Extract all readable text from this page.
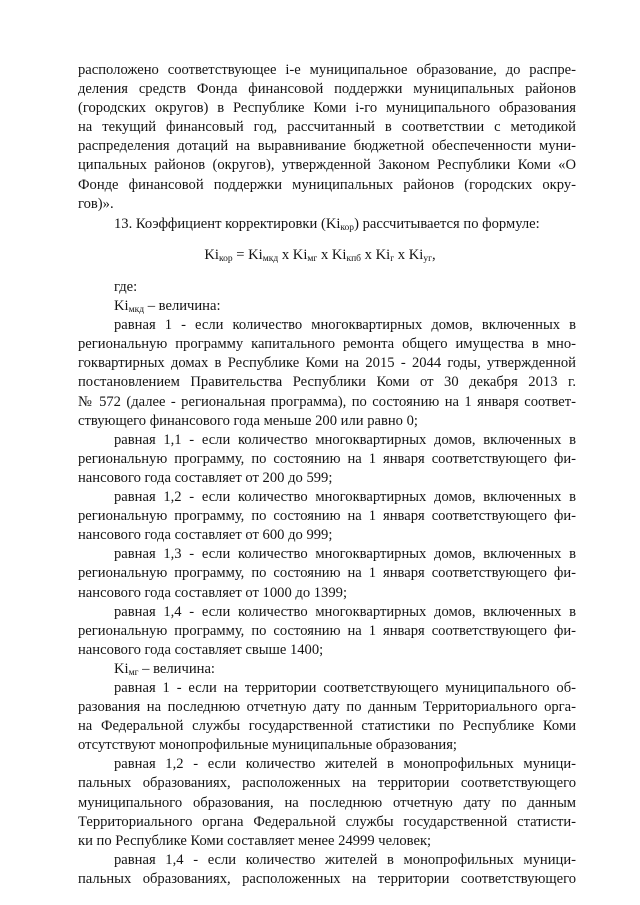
расположено соответствующее i-е муниципальное образование, до распре-
деления средств Фонда финансовой поддержки муниципальных районов
(городских округов) в Республике Коми i-го муниципального образования
на текущий финансовый год, рассчитанный в соответствии с методикой
распределения дотаций на выравнивание бюджетной обеспеченности муни-
ципальных районов (округов), утвержденной Законом Республики Коми «О
Фонде финансовой поддержки муниципальных районов (городских окру-
гов)».
13. Коэффициент корректировки $(Ki_{кор})$ рассчитывается по формуле:
$Ki_{кор} = Ki_{мкд}$ x $Ki_{мг}$ x $Ki_{кпб}$ x $Ki_г$ x $Ki_{уг}$,
где:
$Ki_{мкд}$ – величина:
равная 1 - если количество многоквартирных домов, включенных в
региональную программу капитального ремонта общего имущества в мно-
гоквартирных домах в Республике Коми на 2015 - 2044 годы, утвержденной
постановлением Правительства Республики Коми от 30 декабря 2013 г.
№ 572 (далее - региональная программа), по состоянию на 1 января соответ-
ствующего финансового года меньше 200 или равно 0;
равная 1,1 - если количество многоквартирных домов, включенных в
региональную программу, по состоянию на 1 января соответствующего фи-
нансового года составляет от 200 до 599;
равная 1,2 - если количество многоквартирных домов, включенных в
региональную программу, по состоянию на 1 января соответствующего фи-
нансового года составляет от 600 до 999;
равная 1,3 - если количество многоквартирных домов, включенных в
региональную программу, по состоянию на 1 января соответствующего фи-
нансового года составляет от 1000 до 1399;
равная 1,4 - если количество многоквартирных домов, включенных в
региональную программу, по состоянию на 1 января соответствующего фи-
нансового года составляет свыше 1400;
$Ki_{мг}$ – величина:
равная 1 - если на территории соответствующего муниципального об-
разования на последнюю отчетную дату по данным Территориального орга-
на Федеральной службы государственной статистики по Республике Коми
отсутствуют монопрофильные муниципальные образования;
равная 1,2 - если количество жителей в монопрофильных муници-
пальных образованиях, расположенных на территории соответствующего
муниципального образования, на последнюю отчетную дату по данным
Территориального органа Федеральной службы государственной статисти-
ки по Республике Коми составляет менее 24999 человек;
равная 1,4 - если количество жителей в монопрофильных муници-
пальных образованиях, расположенных на территории соответствующего
